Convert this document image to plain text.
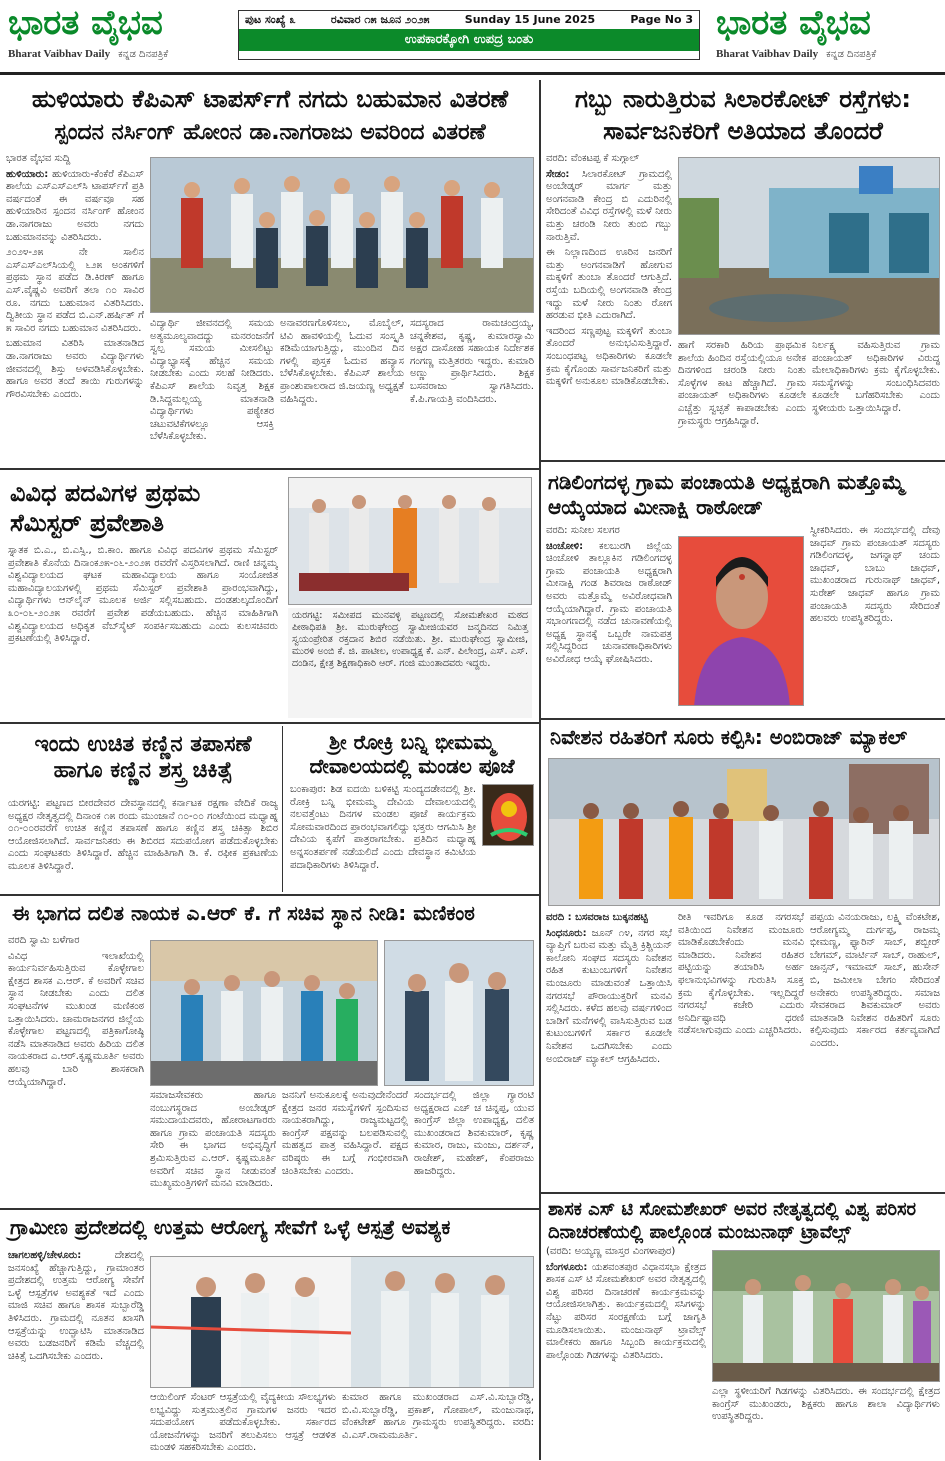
ಭಾರತ ವೈಭವ
Bharat Vaibhav Daily ಕನ್ನಡ ದಿನಪತ್ರಿಕೆ
ಪುಟ ಸಂಖ್ಯೆ ೩	ರವಿವಾರ ೧೫ ಜೂನ ೨೦೨೫	Sunday 15 June 2025	Page No 3
ಉಪಕಾರಕ್ಕೋಗಿ ಉಪದ್ರ ಬಂತು	ಭಾರತ ವೈಭವ
Bharat Vaibhav Daily ಕನ್ನಡ ದಿನಪತ್ರಿಕೆ
ಹುಳಿಯಾರು ಕೆಪಿಎಸ್ ಟಾಪರ್ಸ್‌ಗೆ ನಗದು ಬಹುಮಾನ ವಿತರಣೆ
ಸ್ಪಂದನ ನರ್ಸಿಂಗ್ ಹೋಂನ ಡಾ.ನಾಗರಾಜು ಅವರಿಂದ ವಿತರಣೆ

ಭಾರತ ವೈಭವ ಸುದ್ದಿ

ಹುಳಿಯಾರು: ಹುಳಿಯಾರು-ಕೆಂಕೆರೆ ಕೆಪಿಎಸ್ ಶಾಲೆಯ ಎಸ್‌ಎಸ್‌ಎಲ್‌ಸಿ ಟಾಪರ್ಸ್‌ಗೆ ಪ್ರತಿ ವರ್ಷದಂತೆ ಈ ವರ್ಷವೂ ಸಹ ಹುಳಿಯಾರಿನ ಸ್ಪಂದನ ನರ್ಸಿಂಗ್ ಹೋಂನ ಡಾ.ನಾಗರಾಜು ಅವರು ನಗದು ಬಹುಮಾನವನ್ನು ವಿತರಿಸಿದರು.

೨೦೨೪-೨೫ ನೇ ಸಾಲಿನ ಎಸ್‌ಎಸ್‌ಎಲ್‌ಸಿಯಲ್ಲಿ ೬೨೫ ಅಂಕಗಳಿಗೆ ಪ್ರಥಮ ಸ್ಥಾನ ಪಡೆದ ಡಿ.ಕಿರಣ್ ಹಾಗೂ ಎಸ್.ವೈಷ್ಣವಿ ಅವರಿಗೆ ತಲಾ ೧೦ ಸಾವಿರ ರೂ. ನಗದು ಬಹುಮಾನ ವಿತರಿಸಿದರು. ದ್ವಿತೀಯ ಸ್ಥಾನ ಪಡೆದ ಬಿ.ಎನ್.ಹರ್ಷಿತ್ ಗೆ ೫ ಸಾವಿರ ನಗದು ಬಹುಮಾನ ವಿತರಿಸಿದರು.

ಬಹುಮಾನ ವಿತರಿಸಿ ಮಾತನಾಡಿದ ಡಾ.ನಾಗರಾಜು ಅವರು ವಿದ್ಯಾರ್ಥಿಗಳು ಜೀವನದಲ್ಲಿ ಶಿಸ್ತು ಅಳವಡಿಸಿಕೊಳ್ಳಬೇಕು. ಹಾಗೂ ಅವರ ತಂದೆ ತಾಯಿ ಗುರುಗಳನ್ನು ಗೌರವಿಸಬೇಕು ಎಂದರು.

ವಿದ್ಯಾರ್ಥಿ ಜೀವನದಲ್ಲಿ ಸಮಯ ಅತ್ಯಮೂಲ್ಯವಾದದ್ದು ಮನರಂಜನೆಗೆ ಸ್ವಲ್ಪ ಸಮಯ ಮೀಸಲಿಟ್ಟು ವಿದ್ಯಾಭ್ಯಾಸಕ್ಕೆ ಹೆಚ್ಚಿನ ಸಮಯ ನೀಡಬೇಕು ಎಂದು ಸಲಹೆ ನೀಡಿದರು. ಕೆಪಿಎಸ್ ಶಾಲೆಯ ನಿವೃತ್ತ ಶಿಕ್ಷಕ ಡಿ.ಸಿದ್ದಮಲ್ಲಯ್ಯ ಮಾತನಾಡಿ ವಿದ್ಯಾರ್ಥಿಗಳು ಪಠ್ಯೇತರ ಚಟುವಟಿಕೆಗಳಲ್ಲೂ ಆಸಕ್ತಿ ಬೆಳೆಸಿಕೊಳ್ಳಬೇಕು.

ಅನಾವರಣಗೊಳಿಸಲು, ಮೊಬೈಲ್, ಟಿವಿ ಹಾವಳಿಯಲ್ಲಿ ಓದುವ ಸಂಸ್ಕೃತಿ ಕಡಿಮೆಯಾಗುತ್ತಿದ್ದು, ಮುಂದಿನ ದಿನ ಗಳಲ್ಲಿ ಪುಸ್ತಕ ಓದುವ ಹವ್ಯಾಸ ಬೆಳೆಸಿಕೊಳ್ಳಬೇಕು. ಕೆಪಿಎಸ್ ಶಾಲೆಯ ಪ್ರಾಂಶುಪಾಲರಾದ ಜಿ.ಜಯಣ್ಣ ಅಧ್ಯಕ್ಷತೆ ವಹಿಸಿದ್ದರು.

ಸದಸ್ಯರಾದ ರಾಮಚಂದ್ರಯ್ಯ, ಚನ್ನಕೇಶವ, ಕೃಷ್ಣ, ಕುಮಾರಸ್ವಾಮಿ ಅಕ್ಷರ ದಾಸೋಹ ಸಹಾಯಕ ನಿರ್ದೇಶಕ ಗಂಗಣ್ಣ ಮತ್ತಿತರರು ಇದ್ದರು. ಕುಮಾರಿ ಅಣ್ಣು ಪ್ರಾರ್ಥಿಸಿದರು. ಶಿಕ್ಷಕ ಬಸವರಾಜು ಸ್ವಾಗತಿಸಿದರು. ಕೆ.ಪಿ.ಗಾಯತ್ರಿ ವಂದಿಸಿದರು.

ಗಬ್ಬು ನಾರುತ್ತಿರುವ ಸಿಲಾರಕೋಟ್ ರಸ್ತೆಗಳು:
ಸಾರ್ವಜನಿಕರಿಗೆ ಅತಿಯಾದ ತೊಂದರೆ

ವರದಿ: ವೆಂಕಟಪ್ಪ ಕೆ ಸುಗ್ಗಾಲ್

ಸೇಡಂ: ಸಿಲಾರಕೋಟ್ ಗ್ರಾಮದಲ್ಲಿ ಅಂಬೇಡ್ಕರ್ ಮಾರ್ಗ ಮತ್ತು ಅಂಗನವಾಡಿ ಕೇಂದ್ರ ಬಿ ಎದುರಿನಲ್ಲಿ ಸೇರಿದಂತೆ ವಿವಿಧ ರಸ್ತೆಗಳಲ್ಲಿ ಮಳೆ ನೀರು ಮತ್ತು ಚರಂಡಿ ನೀರು ತುಂಬಿ ಗಬ್ಬು ನಾರುತ್ತಿವೆ.

ಈ ನಿಲ್ಲಾಣದಿಂದ ಊರಿನ ಜನರಿಗೆ ಮತ್ತು ಅಂಗನವಾಡಿಗೆ ಹೋಗುವ ಮಕ್ಕಳಿಗೆ ತುಂಬಾ ತೊಂದರೆ ಆಗುತ್ತಿದೆ. ರಸ್ತೆಯ ಬದಿಯಲ್ಲಿ ಅಂಗನವಾಡಿ ಕೇಂದ್ರ ಇದ್ದು ಮಳೆ ನೀರು ನಿಂತು ರೋಗ ಹರಡುವ ಭೀತಿ ಎದುರಾಗಿದೆ.

ಇದರಿಂದ ಸಣ್ಣಪುಟ್ಟ ಮಕ್ಕಳಿಗೆ ತುಂಬಾ ತೊಂದರೆ ಅನುಭವಿಸುತ್ತಿದ್ದಾರೆ. ಸಂಬಂಧಪಟ್ಟ ಅಧಿಕಾರಿಗಳು ಕೂಡಲೇ ಕ್ರಮ ಕೈಗೊಂಡು ಸಾರ್ವಜನಿಕರಿಗೆ ಮತ್ತು ಮಕ್ಕಳಿಗೆ ಅನುಕೂಲ ಮಾಡಿಕೊಡಬೇಕು.

ಹಾಗೆ ಸರಕಾರಿ ಹಿರಿಯ ಪ್ರಾಥಮಿಕ ಶಾಲೆಯ ಹಿಂದಿನ ರಸ್ತೆಯಲ್ಲಿಯೂ ಅನೇಕ ದಿನಗಳಿಂದ ಚರಂಡಿ ನೀರು ನಿಂತು ಸೊಳ್ಳೆಗಳ ಕಾಟ ಹೆಚ್ಚಾಗಿದೆ. ಗ್ರಾಮ ಪಂಚಾಯತ್ ಅಧಿಕಾರಿಗಳು ಕೂಡಲೇ ಎಚ್ಚೆತ್ತು ಸ್ವಚ್ಛತೆ ಕಾಪಾಡಬೇಕು ಎಂದು ಗ್ರಾಮಸ್ಥರು ಆಗ್ರಹಿಸಿದ್ದಾರೆ.

ನಿರ್ಲಕ್ಷ್ಯ ವಹಿಸುತ್ತಿರುವ ಗ್ರಾಮ ಪಂಚಾಯತ್ ಅಧಿಕಾರಿಗಳ ವಿರುದ್ಧ ಮೇಲಾಧಿಕಾರಿಗಳು ಕ್ರಮ ಕೈಗೊಳ್ಳಬೇಕು. ಸಮಸ್ಯೆಗಳನ್ನು ಸಂಬಂಧಿಸಿದವರು ಕೂಡಲೇ ಬಗೆಹರಿಸಬೇಕು ಎಂದು ಸ್ಥಳೀಯರು ಒತ್ತಾಯಿಸಿದ್ದಾರೆ.

ವಿವಿಧ ಪದವಿಗಳ ಪ್ರಥಮ ಸೆಮಿಸ್ಟರ್ ಪ್ರವೇಶಾತಿ
ಸ್ನಾತಕ ಬಿ.ಎ., ಬಿ.ಎಸ್ಸಿ., ಬಿ.ಕಾಂ. ಹಾಗೂ ವಿವಿಧ ಪದವಿಗಳ ಪ್ರಥಮ ಸೆಮಿಸ್ಟರ್ ಪ್ರವೇಶಾತಿ ಕೊನೆಯ ದಿನಾಂಕ೨೫-೦೬-೨೦೨೫ ರವರೆಗೆ ವಿಸ್ತರಿಸಲಾಗಿದೆ. ರಾಣಿ ಚನ್ನಮ್ಮ ವಿಶ್ವವಿದ್ಯಾಲಯದ ಘಟಕ ಮಹಾವಿದ್ಯಾಲಯ ಹಾಗೂ ಸಂಯೋಜಿತ ಮಹಾವಿದ್ಯಾಲಯಗಳಲ್ಲಿ ಪ್ರಥಮ ಸೆಮಿಸ್ಟರ್ ಪ್ರವೇಶಾತಿ ಪ್ರಾರಂಭವಾಗಿದ್ದು, ವಿದ್ಯಾರ್ಥಿಗಳು ಆನ್‌ಲೈನ್ ಮೂಲಕ ಅರ್ಜಿ ಸಲ್ಲಿಸಬಹುದು. ದಂಡಶುಲ್ಕದೊಂದಿಗೆ ೩೦-೦೬-೨೦೨೫ ರವರೆಗೆ ಪ್ರವೇಶ ಪಡೆಯಬಹುದು. ಹೆಚ್ಚಿನ ಮಾಹಿತಿಗಾಗಿ ವಿಶ್ವವಿದ್ಯಾಲಯದ ಅಧಿಕೃತ ವೆಬ್‌ಸೈಟ್ ಸಂಪರ್ಕಿಸಬಹುದು ಎಂದು ಕುಲಸಚಿವರು ಪ್ರಕಟಣೆಯಲ್ಲಿ ತಿಳಿಸಿದ್ದಾರೆ.
ಯರಗಟ್ಟಿ: ಸಮೀಪದ ಮುನವಳ್ಳಿ ಪಟ್ಟಣದಲ್ಲಿ ಸೋಮಶೇಖರ ಮಠದ ಪೀಠಾಧಿಪತಿ ಶ್ರೀ. ಮುರುಘೇಂದ್ರ ಸ್ವಾಮೀಜಿಯವರ ಜನ್ಮದಿನದ ನಿಮಿತ್ತ ಸ್ವಯಂಪ್ರೇರಿತ ರಕ್ತದಾನ ಶಿಬಿರ ನಡೆಯಿತು. ಶ್ರೀ. ಮುರುಘೇಂದ್ರ ಸ್ವಾಮೀಜಿ, ಮುರಳಿ ಅಂಬಿ ಕೆ. ಜಿ. ಪಾಟೀಲ, ಉಪಾಧ್ಯಕ್ಷ ಕೆ. ಎನ್. ಪಿಲೇಂದ್ರ, ಎಸ್. ಎಸ್. ದಂಡಿನ, ಕ್ಷೇತ್ರ ಶಿಕ್ಷಣಾಧಿಕಾರಿ ಆರ್. ಗಂಜಿ ಮುಂತಾದವರು ಇದ್ದರು.
ಗಡಿಲಿಂಗದಳ್ಳ ಗ್ರಾಮ ಪಂಚಾಯತಿ ಅಧ್ಯಕ್ಷರಾಗಿ ಮತ್ತೊಮ್ಮೆ ಆಯ್ಕೆಯಾದ ಮೀನಾಕ್ಷಿ ರಾಠೋಡ್

ವರದಿ: ಸುನೀಲ ಸಲಗರ

ಚಿಂಚೋಳಿ: ಕಲಬುರಗಿ ಜಿಲ್ಲೆಯ ಚಿಂಚೋಳಿ ತಾಲ್ಲೂಕಿನ ಗಡಿಲಿಂಗದಳ್ಳ ಗ್ರಾಮ ಪಂಚಾಯತಿ ಅಧ್ಯಕ್ಷರಾಗಿ ಮೀನಾಕ್ಷಿ ಗಂಡ ಶಿವರಾಜ ರಾಠೋಡ್ ಅವರು ಮತ್ತೊಮ್ಮೆ ಅವಿರೋಧವಾಗಿ ಆಯ್ಕೆಯಾಗಿದ್ದಾರೆ. ಗ್ರಾಮ ಪಂಚಾಯತಿ ಸಭಾಂಗಣದಲ್ಲಿ ನಡೆದ ಚುನಾವಣೆಯಲ್ಲಿ ಅಧ್ಯಕ್ಷ ಸ್ಥಾನಕ್ಕೆ ಒಬ್ಬರೇ ನಾಮಪತ್ರ ಸಲ್ಲಿಸಿದ್ದರಿಂದ ಚುನಾವಣಾಧಿಕಾರಿಗಳು ಅವಿರೋಧ ಆಯ್ಕೆ ಘೋಷಿಸಿದರು.

ಸ್ವೀಕರಿಸಿದರು. ಈ ಸಂದರ್ಭದಲ್ಲಿ ದೇವು ಜಾಧವ್ ಗ್ರಾಮ ಪಂಚಾಯತ್ ಸದಸ್ಯರು ಗಡಿಲಿಂಗದಳ್ಳ, ಜಗನ್ನಾಥ್ ಚಂದು ಜಾಧವ್, ಬಾಬು ಜಾಧವ್, ಮುಖಂಡರಾದ ಗುರುನಾಥ್ ಜಾಧವ್, ಸುರೇಶ್ ಜಾಧವ್ ಹಾಗೂ ಗ್ರಾಮ ಪಂಚಾಯತಿ ಸದಸ್ಯರು ಸೇರಿದಂತೆ ಹಲವರು ಉಪಸ್ಥಿತರಿದ್ದರು.

ನಿವೇಶನ ರಹಿತರಿಗೆ ಸೂರು ಕಲ್ಪಿಸಿ: ಅಂಬಿರಾಜ್ ಮ್ಯಾಕಲ್

ವರದಿ : ಬಸವರಾಜ ಬುಕ್ಕನಹಟ್ಟಿ

ಸಿಂಧನೂರು: ಜೂನ್ ೧೪, ನಗರ ಸಭೆ ವ್ಯಾಪ್ತಿಗೆ ಬರುವ ಮತ್ತು ಮೈತ್ರಿ ಕ್ರಿಶ್ಚಿಯನ್ ಕಾಲೋನಿ ಸಂಘದ ಸದಸ್ಯರು ನಿವೇಶನ ರಹಿತ ಕುಟುಂಬಗಳಿಗೆ ನಿವೇಶನ ಮಂಜೂರು ಮಾಡುವಂತೆ ಒತ್ತಾಯಿಸಿ ನಗರಸಭೆ ಪೌರಾಯುಕ್ತರಿಗೆ ಮನವಿ ಸಲ್ಲಿಸಿದರು. ಕಳೆದ ಹಲವು ವರ್ಷಗಳಿಂದ ಬಾಡಿಗೆ ಮನೆಗಳಲ್ಲಿ ವಾಸಿಸುತ್ತಿರುವ ಬಡ ಕುಟುಂಬಗಳಿಗೆ ಸರ್ಕಾರ ಕೂಡಲೇ ನಿವೇಶನ ಒದಗಿಸಬೇಕು ಎಂದು ಅಂಬಿರಾಜ್ ಮ್ಯಾಕಲ್ ಆಗ್ರಹಿಸಿದರು.

ರೀತಿ ಇವರಿಗೂ ಕೂಡ ನಗರಸಭೆ ವತಿಯಿಂದ ನಿವೇಶನ ಮಂಜೂರು ಮಾಡಿಕೊಡಬೇಕೆಂದು ಮನವಿ ಮಾಡಿದರು. ನಿವೇಶನ ರಹಿತರ ಪಟ್ಟಿಯನ್ನು ತಯಾರಿಸಿ ಅರ್ಹ ಫಲಾನುಭವಿಗಳನ್ನು ಗುರುತಿಸಿ ಸೂಕ್ತ ಕ್ರಮ ಕೈಗೊಳ್ಳಬೇಕು. ಇಲ್ಲದಿದ್ದರೆ ನಗರಸಭೆ ಕಚೇರಿ ಎದುರು ಅನಿರ್ದಿಷ್ಟಾವಧಿ ಧರಣಿ ನಡೆಸಲಾಗುವುದು ಎಂದು ಎಚ್ಚರಿಸಿದರು.

ಪಪ್ಪಯ ವಿನಯರಾಜು, ಲಕ್ಷ್ಮಿ ವೆಂಕಟೇಶ, ಆರೋಗ್ಯಮ್ಮ ದುರ್ಗಪ್ಪ, ರಾಜಮ್ಮ ಭೀಮಣ್ಣ, ಫ್ಯಾರಿನ್ ಸಾಬ್, ಶಬ್ಬೀರ್ ಬೇಗಮ್, ಮಾರ್ಟಿನ್ ಸಾಬ್, ರಾಹುಲ್, ಜಾನ್ಸನ್, ಇಮಾಮ್ ಸಾಬ್, ಹುಸೇನ್ ಬಿ, ಜಮೀಲಾ ಬೇಗಂ ಸೇರಿದಂತೆ ಅನೇಕರು ಉಪಸ್ಥಿತರಿದ್ದರು. ಸಮಾಜ ಸೇವಕರಾದ ಶಿವಕುಮಾರ್ ಅವರು ಮಾತನಾಡಿ ನಿವೇಶನ ರಹಿತರಿಗೆ ಸೂರು ಕಲ್ಪಿಸುವುದು ಸರ್ಕಾರದ ಕರ್ತವ್ಯವಾಗಿದೆ ಎಂದರು.

ಇಂದು ಉಚಿತ ಕಣ್ಣಿನ ತಪಾಸಣೆ ಹಾಗೂ ಕಣ್ಣಿನ ಶಸ್ತ್ರ ಚಿಕಿತ್ಸೆ
ಶ್ರೀ ರೋಕ್ರಿ ಬನ್ನಿ ಭೀಮಮ್ಮ ದೇವಾಲಯದಲ್ಲಿ ಮಂಡಲ ಪೂಜೆ
ಯರಗಟ್ಟಿ: ಪಟ್ಟಣದ ಬೀರದೇವರ ದೇವಸ್ಥಾನದಲ್ಲಿ ಕರ್ನಾಟಕ ರಕ್ಷಣಾ ವೇದಿಕೆ ರಾಜ್ಯ ಅಧ್ಯಕ್ಷರ ನೇತೃತ್ವದಲ್ಲಿ ದಿನಾಂಕ ೧೫ ರಂದು ಮುಂಜಾನೆ ೧೦-೦೦ ಗಂಟೆಯಿಂದ ಮಧ್ಯಾಹ್ನ ೦೧-೦೦ರವರೆಗೆ ಉಚಿತ ಕಣ್ಣಿನ ತಪಾಸಣೆ ಹಾಗೂ ಕಣ್ಣಿನ ಶಸ್ತ್ರ ಚಿಕಿತ್ಸಾ ಶಿಬಿರ ಆಯೋಜಿಸಲಾಗಿದೆ. ಸಾರ್ವಜನಿಕರು ಈ ಶಿಬಿರದ ಸದುಪಯೋಗ ಪಡೆದುಕೊಳ್ಳಬೇಕು ಎಂದು ಸಂಘಟಕರು ತಿಳಿಸಿದ್ದಾರೆ. ಹೆಚ್ಚಿನ ಮಾಹಿತಿಗಾಗಿ ಡಿ. ಕೆ. ರಫೀಕ ಪ್ರಕಟಣೆಯ ಮೂಲಕ ತಿಳಿಸಿದ್ದಾರೆ.
ಬಂಕಾಪುರ: ಶಿಡ ಐದಯಿ ಬಳಿಕಟ್ಟಿ ಸುಂದ್ಯದಡೇನದಲ್ಲಿ ಶ್ರೀ. ರೋಕ್ರಿ ಬನ್ನಿ ಭೀಮಮ್ಮ ದೇವಿಯ ದೇವಾಲಯದಲ್ಲಿ ನಲವತ್ತೆಂಟು ದಿನಗಳ ಮಂಡಲ ಪೂಜೆ ಕಾರ್ಯಕ್ರಮ ಸೋಮವಾರದಿಂದ ಪ್ರಾರಂಭವಾಗಲಿದ್ದು ಭಕ್ತರು ಆಗಮಿಸಿ ಶ್ರೀ ದೇವಿಯ ಕೃಪೆಗೆ ಪಾತ್ರರಾಗಬೇಕು. ಪ್ರತಿದಿನ ಮಧ್ಯಾಹ್ನ ಅನ್ನಸಂತರ್ಪಣೆ ನಡೆಯಲಿದೆ ಎಂದು ದೇವಸ್ಥಾನ ಕಮಿಟಿಯ ಪದಾಧಿಕಾರಿಗಳು ತಿಳಿಸಿದ್ದಾರೆ.
ಈ ಭಾಗದ ದಲಿತ ನಾಯಕ ಎ.ಆರ್ ಕೆ. ಗೆ ಸಚಿವ ಸ್ಥಾನ ನೀಡಿ: ಮಣಿಕಂಠ

ವರದಿ ಸ್ವಾಮಿ ಬಳೆಗಾರ

ವಿವಿಧ ಇಲಾಖೆಯಲ್ಲಿ ಕಾರ್ಯನಿರ್ವಹಿಸುತ್ತಿರುವ ಕೊಳ್ಳೇಗಾಲ ಕ್ಷೇತ್ರದ ಶಾಸಕ ಎ.ಆರ್. ಕೆ ಅವರಿಗೆ ಸಚಿವ ಸ್ಥಾನ ನೀಡಬೇಕು ಎಂದು ದಲಿತ ಸಂಘಟನೆಗಳ ಮುಖಂಡ ಮಣಿಕಂಠ ಒತ್ತಾಯಿಸಿದರು. ಚಾಮರಾಜನಗರ ಜಿಲ್ಲೆಯ ಕೊಳ್ಳೇಗಾಲ ಪಟ್ಟಣದಲ್ಲಿ ಪತ್ರಿಕಾಗೋಷ್ಠಿ ನಡೆಸಿ ಮಾತನಾಡಿದ ಅವರು ಹಿರಿಯ ದಲಿತ ನಾಯಕರಾದ ಎ.ಆರ್.ಕೃಷ್ಣಮೂರ್ತಿ ಅವರು ಹಲವು ಬಾರಿ ಶಾಸಕರಾಗಿ ಆಯ್ಕೆಯಾಗಿದ್ದಾರೆ.

ಸಮಾಜಸೇವಕರು ಹಾಗೂ ನಂಬುಗಸ್ಥರಾದ ಅಂಬೇಡ್ಕರ್ ಸಮುದಾಯದವರು, ಹೋರಾಟಗಾರರು ಹಾಗೂ ಗ್ರಾಮ ಪಂಚಾಯತಿ ಸದಸ್ಯರು ಸೇರಿ ಈ ಭಾಗದ ಅಭಿವೃದ್ಧಿಗೆ ಶ್ರಮಿಸುತ್ತಿರುವ ಎ.ಆರ್. ಕೃಷ್ಣಮೂರ್ತಿ ಅವರಿಗೆ ಸಚಿವ ಸ್ಥಾನ ನೀಡುವಂತೆ ಮುಖ್ಯಮಂತ್ರಿಗಳಿಗೆ ಮನವಿ ಮಾಡಿದರು.

ಜನನಿಗೆ ಅನುಕೂಲಕ್ಕೆ ಅನುವುದೇನೆಂದರೆ ಕ್ಷೇತ್ರದ ಜನರ ಸಮಸ್ಯೆಗಳಿಗೆ ಸ್ಪಂದಿಸುವ ನಾಯಕರಾಗಿದ್ದು, ರಾಜ್ಯಮಟ್ಟದಲ್ಲಿ ಕಾಂಗ್ರೆಸ್ ಪಕ್ಷವನ್ನು ಬಲಪಡಿಸುವಲ್ಲಿ ಮಹತ್ವದ ಪಾತ್ರ ವಹಿಸಿದ್ದಾರೆ. ಪಕ್ಷದ ವರಿಷ್ಠರು ಈ ಬಗ್ಗೆ ಗಂಭೀರವಾಗಿ ಚಿಂತಿಸಬೇಕು ಎಂದರು.

ಸಂದರ್ಭದಲ್ಲಿ ಜಿಲ್ಲಾ ಗ್ಯಾರಂಟಿ ಅಧ್ಯಕ್ಷರಾದ ಎಚ್ ಚ ಚಿನ್ನಪ್ಪ, ಯುವ ಕಾಂಗ್ರೆಸ್ ಜಿಲ್ಲಾ ಉಪಾಧ್ಯಕ್ಷ, ದಲಿತ ಮುಖಂಡರಾದ ಶಿವಕುಮಾರ್, ಕೃಷ್ಣ ಕುಮಾರ, ರಾಜು, ಮಂಜು, ದರ್ಶನ್, ರಾಜೇಶ್, ಮಹೇಶ್, ಕೆಂಪರಾಜು ಹಾಜರಿದ್ದರು.

ಗ್ರಾಮೀಣ ಪ್ರದೇಶದಲ್ಲಿ ಉತ್ತಮ ಆರೋಗ್ಯ ಸೇವೆಗೆ ಒಳ್ಳೆ ಆಸ್ಪತ್ರೆ ಅವಶ್ಯಕ

ಚಾಗಲಹಳ್ಳಿ/ಚೇಳೂರು:	ದೇಶದಲ್ಲಿ ಜನಸಂಖ್ಯೆ ಹೆಚ್ಚಾಗುತ್ತಿದ್ದು, ಗ್ರಾಮಾಂತರ ಪ್ರದೇಶದಲ್ಲಿ ಉತ್ತಮ ಆರೋಗ್ಯ ಸೇವೆಗೆ ಒಳ್ಳೆ ಆಸ್ಪತ್ರೆಗಳ ಅವಶ್ಯಕತೆ ಇದೆ ಎಂದು ಮಾಜಿ ಸಚಿವ ಹಾಗೂ ಶಾಸಕ ಸುಬ್ಬಾರೆಡ್ಡಿ ತಿಳಿಸಿದರು. ಗ್ರಾಮದಲ್ಲಿ ನೂತನ ಖಾಸಗಿ ಆಸ್ಪತ್ರೆಯನ್ನು ಉದ್ಘಾಟಿಸಿ ಮಾತನಾಡಿದ ಅವರು ಬಡಜನರಿಗೆ ಕಡಿಮೆ ವೆಚ್ಚದಲ್ಲಿ ಚಿಕಿತ್ಸೆ ಒದಗಿಸಬೇಕು ಎಂದರು.

ಆಯಿಲಿಂಗ್ ಸೆಂಟರ್ ಆಸ್ಪತ್ರೆಯಲ್ಲಿ ವೈದ್ಯಕೀಯ ಸೌಲಭ್ಯಗಳು ಲಭ್ಯವಿದ್ದು ಸುತ್ತಮುತ್ತಲಿನ ಗ್ರಾಮಗಳ ಜನರು ಇದರ ಸದುಪಯೋಗ ಪಡೆದುಕೊಳ್ಳಬೇಕು. ಸರ್ಕಾರದ ಯೋಜನೆಗಳನ್ನು ಜನರಿಗೆ ತಲುಪಿಸಲು ಆಸ್ಪತ್ರೆ ಆಡಳಿತ ಮಂಡಳಿ ಸಹಕರಿಸಬೇಕು ಎಂದರು.

ಕುಮಾರ ಹಾಗೂ ಮುಖಂಡರಾದ ಎಸ್.ವಿ.ಸುಬ್ಬಾರೆಡ್ಡಿ, ಬಿ.ವಿ.ಸುಬ್ಬಾರೆಡ್ಡಿ, ಪ್ರಕಾಶ್, ಗೋಪಾಲ್, ಮಂಜುನಾಥ, ವೆಂಕಟೇಶ್ ಹಾಗೂ ಗ್ರಾಮಸ್ಥರು ಉಪಸ್ಥಿತರಿದ್ದರು. ವರದಿ: ವಿ.ಎಸ್.ರಾಮಮೂರ್ತಿ.

ಶಾಸಕ ಎಸ್ ಟಿ ಸೋಮಶೇಖರ್ ಅವರ ನೇತೃತ್ವದಲ್ಲಿ ವಿಶ್ವ ಪರಿಸರ ದಿನಾಚರಣೆಯಲ್ಲಿ ಪಾಲ್ಗೊಂಡ ಮಂಜುನಾಥ್ ಟ್ರಾವೆಲ್ಸ್

(ವರದಿ: ಅಯ್ಯಣ್ಣ ಮಾಸ್ತರ ವಿಂಗಳಾಪುರ)

ಬೆಂಗಳೂರು: ಯಶವಂತಪುರ ವಿಧಾನಸಭಾ ಕ್ಷೇತ್ರದ ಶಾಸಕ ಎಸ್ ಟಿ ಸೋಮಶೇಖರ್ ಅವರ ನೇತೃತ್ವದಲ್ಲಿ ವಿಶ್ವ ಪರಿಸರ ದಿನಾಚರಣೆ ಕಾರ್ಯಕ್ರಮವನ್ನು ಆಯೋಜಿಸಲಾಗಿತ್ತು. ಕಾರ್ಯಕ್ರಮದಲ್ಲಿ ಸಸಿಗಳನ್ನು ನೆಟ್ಟು ಪರಿಸರ ಸಂರಕ್ಷಣೆಯ ಬಗ್ಗೆ ಜಾಗೃತಿ ಮೂಡಿಸಲಾಯಿತು. ಮಂಜುನಾಥ್ ಟ್ರಾವೆಲ್ಸ್ ಮಾಲೀಕರು ಹಾಗೂ ಸಿಬ್ಬಂದಿ ಕಾರ್ಯಕ್ರಮದಲ್ಲಿ ಪಾಲ್ಗೊಂಡು ಗಿಡಗಳನ್ನು ವಿತರಿಸಿದರು.

ಎಲ್ಲಾ ಸ್ಥಳೀಯರಿಗೆ ಗಿಡಗಳನ್ನು ವಿತರಿಸಿದರು. ಈ ಸಂದರ್ಭದಲ್ಲಿ ಕ್ಷೇತ್ರದ ಕಾಂಗ್ರೆಸ್ ಮುಖಂಡರು, ಶಿಕ್ಷಕರು ಹಾಗೂ ಶಾಲಾ ವಿದ್ಯಾರ್ಥಿಗಳು ಉಪಸ್ಥಿತರಿದ್ದರು.
